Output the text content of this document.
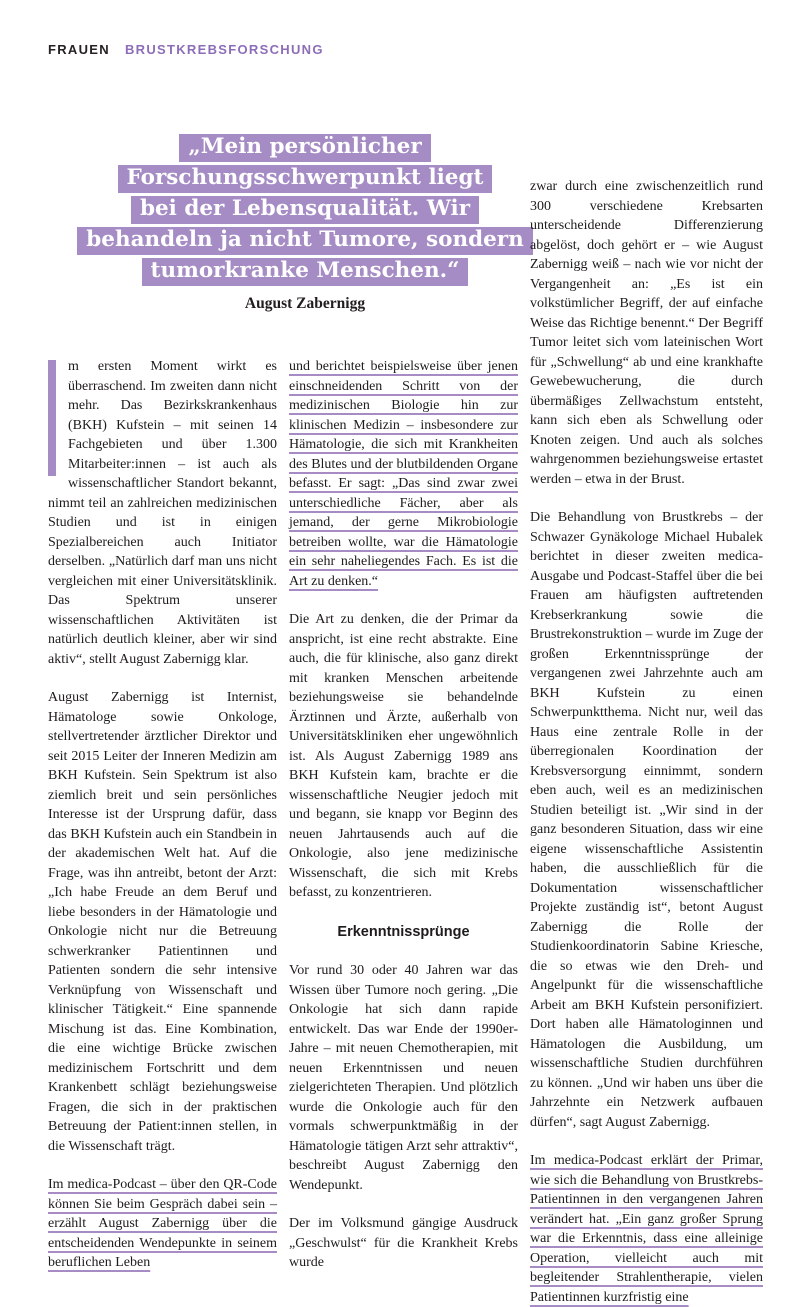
FRAUEN BRUSTKREBSFORSCHUNG
„Mein persönlicher
Forschungsschwerpunkt liegt
bei der Lebensqualität. Wir
behandeln ja nicht Tumore, sondern
tumorkranke Menschen.“
August Zabernigg
m ersten Moment wirkt es überraschend. Im zweiten dann nicht mehr. Das Bezirkskrankenhaus (BKH) Kufstein – mit seinen 14 Fachgebieten und über 1.300 Mitarbeiter:innen – ist auch als wissenschaftlicher Standort bekannt, nimmt teil an zahlreichen medizinischen Studien und ist in einigen Spezialbereichen auch Initiator derselben. „Natürlich darf man uns nicht vergleichen mit einer Universitätsklinik. Das Spektrum unserer wissenschaftlichen Aktivitäten ist natürlich deutlich kleiner, aber wir sind aktiv“, stellt August Zabernigg klar.
August Zabernigg ist Internist, Hämatologe sowie Onkologe, stellvertretender ärztlicher Direktor und seit 2015 Leiter der Inneren Medizin am BKH Kufstein. Sein Spektrum ist also ziemlich breit und sein persönliches Interesse ist der Ursprung dafür, dass das BKH Kufstein auch ein Standbein in der akademischen Welt hat. Auf die Frage, was ihn antreibt, betont der Arzt: „Ich habe Freude an dem Beruf und liebe besonders in der Hämatologie und Onkologie nicht nur die Betreuung schwerkranker Patientinnen und Patienten sondern die sehr intensive Verknüpfung von Wissenschaft und klinischer Tätigkeit.“ Eine spannende Mischung ist das. Eine Kombination, die eine wichtige Brücke zwischen medizinischem Fortschritt und dem Krankenbett schlägt beziehungsweise Fragen, die sich in der praktischen Betreuung der Patient:innen stellen, in die Wissenschaft trägt.
Im medica-Podcast – über den QR-Code können Sie beim Gespräch dabei sein – erzählt August Zabernigg über die entscheidenden Wendepunkte in seinem beruflichen Leben
und berichtet beispielsweise über jenen einschneidenden Schritt von der medizinischen Biologie hin zur klinischen Medizin – insbesondere zur Hämatologie, die sich mit Krankheiten des Blutes und der blutbildenden Organe befasst. Er sagt: „Das sind zwar zwei unterschiedliche Fächer, aber als jemand, der gerne Mikrobiologie betreiben wollte, war die Hämatologie ein sehr naheliegendes Fach. Es ist die Art zu denken.“
Die Art zu denken, die der Primar da anspricht, ist eine recht abstrakte. Eine auch, die für klinische, also ganz direkt mit kranken Menschen arbeitende beziehungsweise sie behandelnde Ärztinnen und Ärzte, außerhalb von Universitätskliniken eher ungewöhnlich ist. Als August Zabernigg 1989 ans BKH Kufstein kam, brachte er die wissenschaftliche Neugier jedoch mit und begann, sie knapp vor Beginn des neuen Jahrtausends auch auf die Onkologie, also jene medizinische Wissenschaft, die sich mit Krebs befasst, zu konzentrieren.
Erkenntnissprünge
Vor rund 30 oder 40 Jahren war das Wissen über Tumore noch gering. „Die Onkologie hat sich dann rapide entwickelt. Das war Ende der 1990er-Jahre – mit neuen Chemotherapien, mit neuen Erkenntnissen und neuen zielgerichteten Therapien. Und plötzlich wurde die Onkologie auch für den vormals schwerpunktmäßig in der Hämatologie tätigen Arzt sehr attraktiv“, beschreibt August Zabernigg den Wendepunkt.
Der im Volksmund gängige Ausdruck „Geschwulst“ für die Krankheit Krebs wurde
zwar durch eine zwischenzeitlich rund 300 verschiedene Krebsarten unterscheidende Differenzierung abgelöst, doch gehört er – wie August Zabernigg weiß – nach wie vor nicht der Vergangenheit an: „Es ist ein volkstümlicher Begriff, der auf einfache Weise das Richtige benennt.“ Der Begriff Tumor leitet sich vom lateinischen Wort für „Schwellung“ ab und eine krankhafte Gewebewucherung, die durch übermäßiges Zellwachstum entsteht, kann sich eben als Schwellung oder Knoten zeigen. Und auch als solches wahrgenommen beziehungsweise ertastet werden – etwa in der Brust.
Die Behandlung von Brustkrebs – der Schwazer Gynäkologe Michael Hubalek berichtet in dieser zweiten medica-Ausgabe und Podcast-Staffel über die bei Frauen am häufigsten auftretenden Krebserkrankung sowie die Brustrekonstruktion – wurde im Zuge der großen Erkenntnissprünge der vergangenen zwei Jahrzehnte auch am BKH Kufstein zu einen Schwerpunktthema. Nicht nur, weil das Haus eine zentrale Rolle in der überregionalen Koordination der Krebsversorgung einnimmt, sondern eben auch, weil es an medizinischen Studien beteiligt ist. „Wir sind in der ganz besonderen Situation, dass wir eine eigene wissenschaftliche Assistentin haben, die ausschließlich für die Dokumentation wissenschaftlicher Projekte zuständig ist“, betont August Zabernigg die Rolle der Studienkoordinatorin Sabine Kriesche, die so etwas wie den Dreh- und Angelpunkt für die wissenschaftliche Arbeit am BKH Kufstein personifiziert. Dort haben alle Hämatologinnen und Hämatologen die Ausbildung, um wissenschaftliche Studien durchführen zu können. „Und wir haben uns über die Jahrzehnte ein Netzwerk aufbauen dürfen“, sagt August Zabernigg.
Im medica-Podcast erklärt der Primar, wie sich die Behandlung von Brustkrebs-Patientinnen in den vergangenen Jahren verändert hat. „Ein ganz großer Sprung war die Erkenntnis, dass eine alleinige Operation, vielleicht auch mit begleitender Strahlentherapie, vielen Patientinnen kurzfristig eine
